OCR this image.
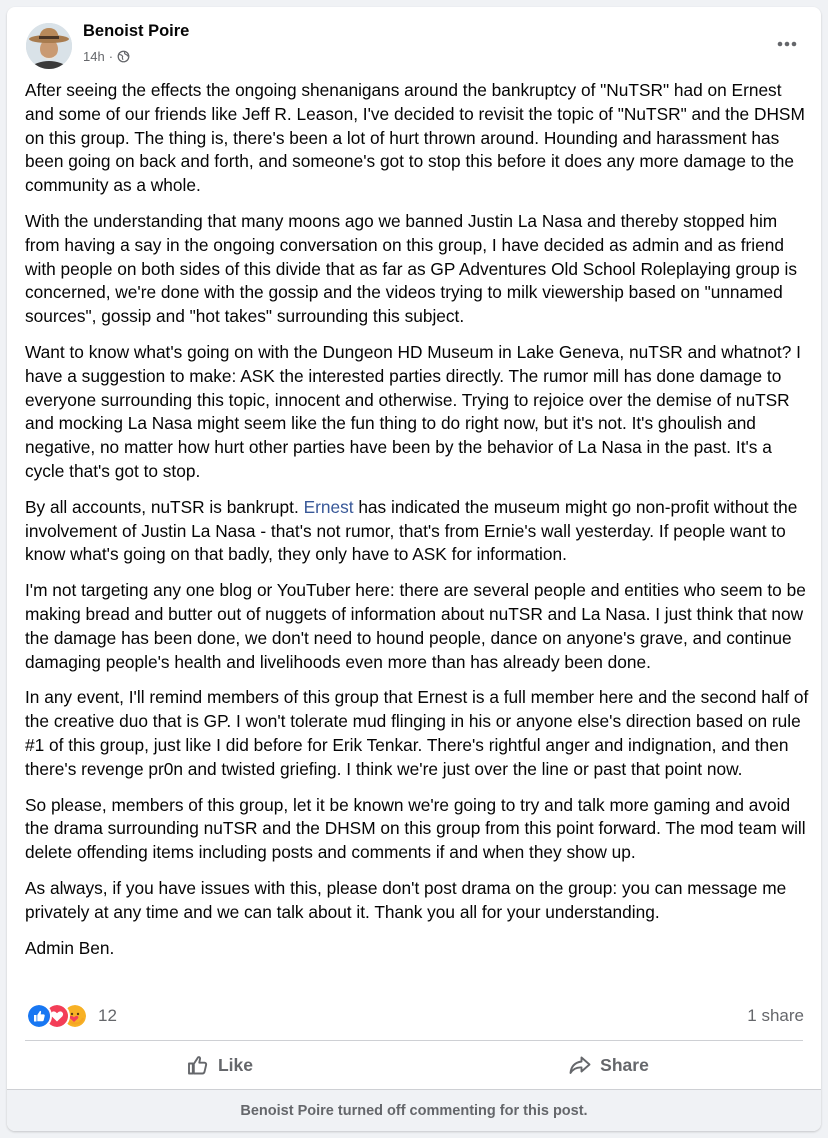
Benoist Poire
14h ·

After seeing the effects the ongoing shenanigans around the bankruptcy of "NuTSR" had on Ernest and some of our friends like Jeff R. Leason, I've decided to revisit the topic of "NuTSR" and the DHSM on this group. The thing is, there's been a lot of hurt thrown around. Hounding and harassment has been going on back and forth, and someone's got to stop this before it does any more damage to the community as a whole.

With the understanding that many moons ago we banned Justin La Nasa and thereby stopped him from having a say in the ongoing conversation on this group, I have decided as admin and as friend with people on both sides of this divide that as far as GP Adventures Old School Roleplaying group is concerned, we're done with the gossip and the videos trying to milk viewership based on "unnamed sources", gossip and "hot takes" surrounding this subject.

Want to know what's going on with the Dungeon HD Museum in Lake Geneva, nuTSR and whatnot? I have a suggestion to make: ASK the interested parties directly. The rumor mill has done damage to everyone surrounding this topic, innocent and otherwise. Trying to rejoice over the demise of nuTSR and mocking La Nasa might seem like the fun thing to do right now, but it's not. It's ghoulish and negative, no matter how hurt other parties have been by the behavior of La Nasa in the past. It's a cycle that's got to stop.

By all accounts, nuTSR is bankrupt. Ernest has indicated the museum might go non-profit without the involvement of Justin La Nasa - that's not rumor, that's from Ernie's wall yesterday. If people want to know what's going on that badly, they only have to ASK for information.

I'm not targeting any one blog or YouTuber here: there are several people and entities who seem to be making bread and butter out of nuggets of information about nuTSR and La Nasa. I just think that now the damage has been done, we don't need to hound people, dance on anyone's grave, and continue damaging people's health and livelihoods even more than has already been done.

In any event, I'll remind members of this group that Ernest is a full member here and the second half of the creative duo that is GP. I won't tolerate mud flinging in his or anyone else's direction based on rule #1 of this group, just like I did before for Erik Tenkar. There's rightful anger and indignation, and then there's revenge pr0n and twisted griefing. I think we're just over the line or past that point now.

So please, members of this group, let it be known we're going to try and talk more gaming and avoid the drama surrounding nuTSR and the DHSM on this group from this point forward. The mod team will delete offending items including posts and comments if and when they show up.

As always, if you have issues with this, please don't post drama on the group: you can message me privately at any time and we can talk about it. Thank you all for your understanding.

Admin Ben.

12	1 share
Like	Share
Benoist Poire turned off commenting for this post.
